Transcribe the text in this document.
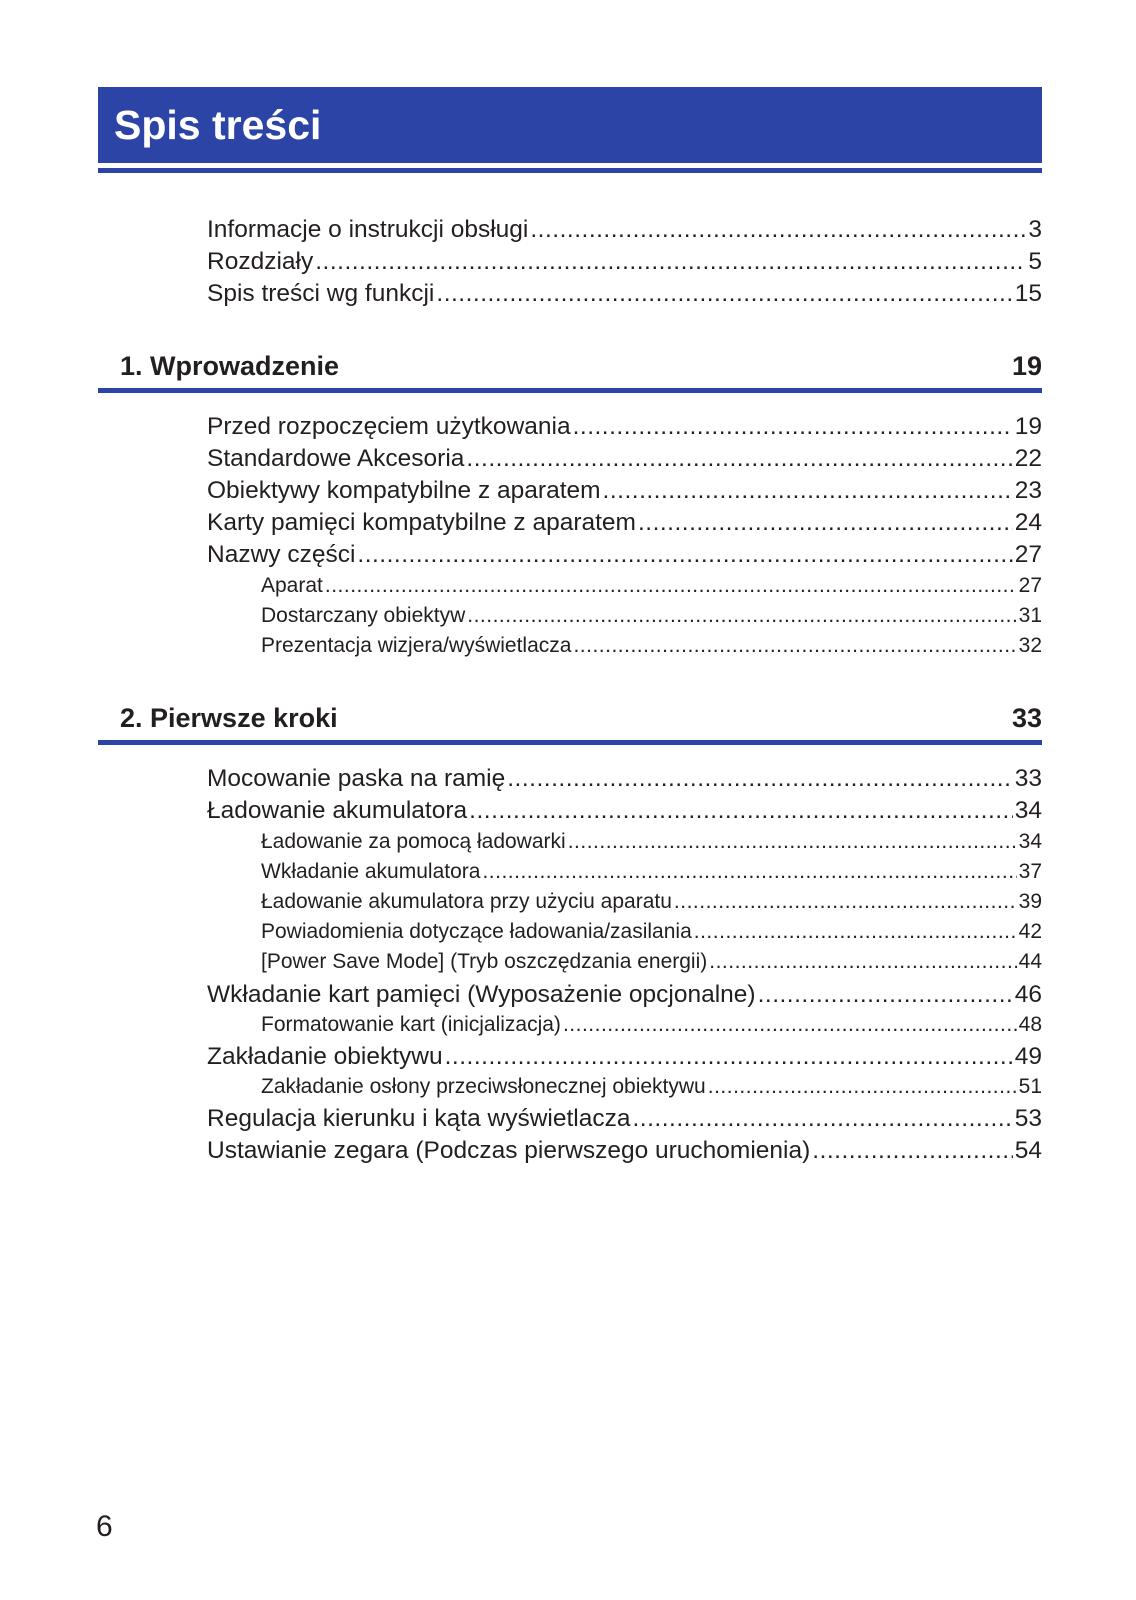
Spis treści
Informacje o instrukcji obsługi .....	3
Rozdziały .....	5
Spis treści wg funkcji .....	15
1. Wprowadzenie	19
Przed rozpoczęciem użytkowania .....	19
Standardowe Akcesoria .....	22
Obiektywy kompatybilne z aparatem .....	23
Karty pamięci kompatybilne z aparatem .....	24
Nazwy części .....	27
Aparat .....	27
Dostarczany obiektyw .....	31
Prezentacja wizjera/wyświetlacza .....	32
2. Pierwsze kroki	33
Mocowanie paska na ramię .....	33
Ładowanie akumulatora .....	34
Ładowanie za pomocą ładowarki .....	34
Wkładanie akumulatora .....	37
Ładowanie akumulatora przy użyciu aparatu .....	39
Powiadomienia dotyczące ładowania/zasilania .....	42
[Power Save Mode] (Tryb oszczędzania energii) .....	44
Wkładanie kart pamięci (Wyposażenie opcjonalne) .....	46
Formatowanie kart (inicjalizacja) .....	48
Zakładanie obiektywu .....	49
Zakładanie osłony przeciwsłonecznej obiektywu .....	51
Regulacja kierunku i kąta wyświetlacza .....	53
Ustawianie zegara (Podczas pierwszego uruchomienia) .....	54
6
